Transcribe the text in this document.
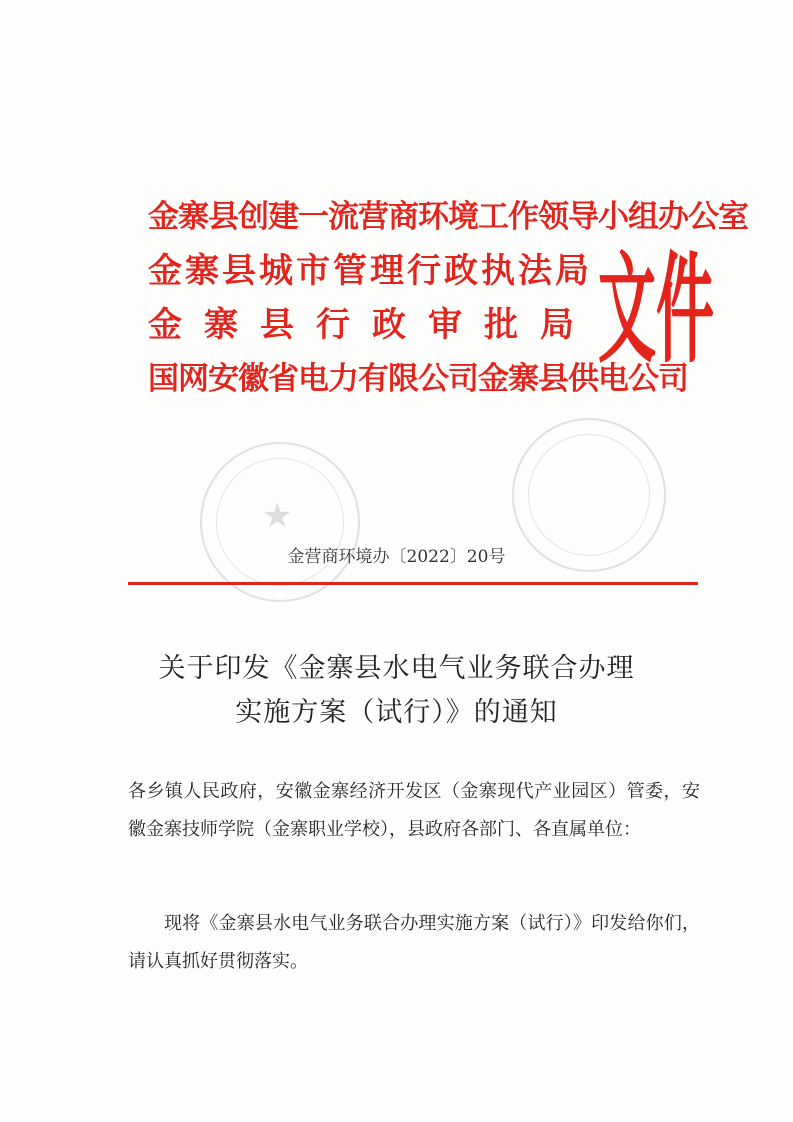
★
金寨县创建一流营商环境工作领导小组办公室
金寨县城市管理行政执法局
金寨县行政审批局
国网安徽省电力有限公司金寨县供电公司
文件
金营商环境办〔2022〕20号
关于印发《金寨县水电气业务联合办理
实施方案（试行）》的通知
各乡镇人民政府，安徽金寨经济开发区（金寨现代产业园区）管委，安徽金寨技师学院（金寨职业学校），县政府各部门、各直属单位：
现将《金寨县水电气业务联合办理实施方案（试行）》印发给你们，请认真抓好贯彻落实。
